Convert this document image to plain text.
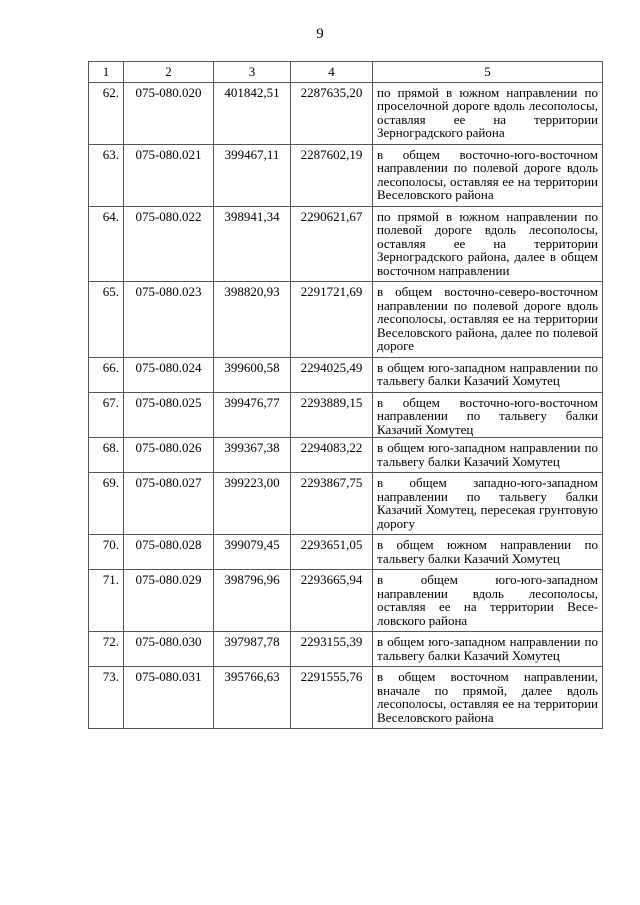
9
1	2	3	4	5
62.	075-080.020	401842,51	2287635,20	по прямой в южном направлении по проселочной дороге вдоль лесополосы, оставляя ее на территории Зерноградского района
63.	075-080.021	399467,11	2287602,19	в общем восточно-юго-восточном направлении по полевой дороге вдоль лесополосы, оставляя ее на территории Веселовского района
64.	075-080.022	398941,34	2290621,67	по прямой в южном направлении по полевой дороге вдоль лесополосы, оставляя ее на территории Зерноградского района, далее в общем восточном направлении
65.	075-080.023	398820,93	2291721,69	в общем восточно-северо-восточном направлении по полевой дороге вдоль лесополосы, оставляя ее на территории Веселовского района, далее по полевой дороге
66.	075-080.024	399600,58	2294025,49	в общем юго-западном направлении по тальвегу балки Казачий Хомутец
67.	075-080.025	399476,77	2293889,15	в общем восточно-юго-восточном направлении по тальвегу балки Казачий Хомутец
68.	075-080.026	399367,38	2294083,22	в общем юго-западном направлении по тальвегу балки Казачий Хомутец
69.	075-080.027	399223,00	2293867,75	в общем западно-юго-западном направлении по тальвегу балки Казачий Хомутец, пересекая грунтовую дорогу
70.	075-080.028	399079,45	2293651,05	в общем южном направлении по тальвегу балки Казачий Хомутец
71.	075-080.029	398796,96	2293665,94	в общем юго-юго-западном направлении вдоль лесополосы, оставляя ее на территории Веселовского района
72.	075-080.030	397987,78	2293155,39	в общем юго-западном направлении по тальвегу балки Казачий Хомутец
73.	075-080.031	395766,63	2291555,76	в общем восточном направлении, вначале по прямой, далее вдоль лесополосы, оставляя ее на территории Веселовского района
